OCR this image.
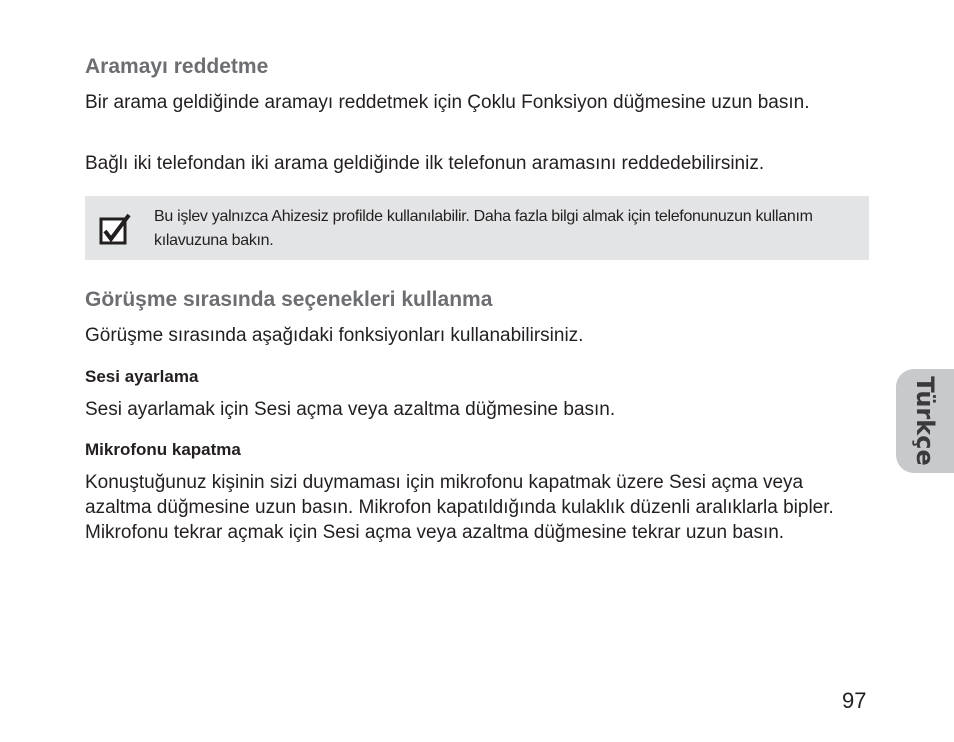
Aramayı reddetme

Bir arama geldiğinde aramayı reddetmek için Çoklu Fonksiyon düğmesine uzun basın.

Bağlı iki telefondan iki arama geldiğinde ilk telefonun aramasını reddedebilirsiniz.

Bu işlev yalnızca Ahizesiz profilde kullanılabilir. Daha fazla bilgi almak için telefonunuzun kullanım kılavuzuna bakın.

Görüşme sırasında seçenekleri kullanma

Görüşme sırasında aşağıdaki fonksiyonları kullanabilirsiniz.

Sesi ayarlama

Sesi ayarlamak için Sesi açma veya azaltma düğmesine basın.

Mikrofonu kapatma

Konuştuğunuz kişinin sizi duymaması için mikrofonu kapatmak üzere Sesi açma veya azaltma düğmesine uzun basın. Mikrofon kapatıldığında kulaklık düzenli aralıklarla bipler. Mikrofonu tekrar açmak için Sesi açma veya azaltma düğmesine tekrar uzun basın.

Türkçe

97
